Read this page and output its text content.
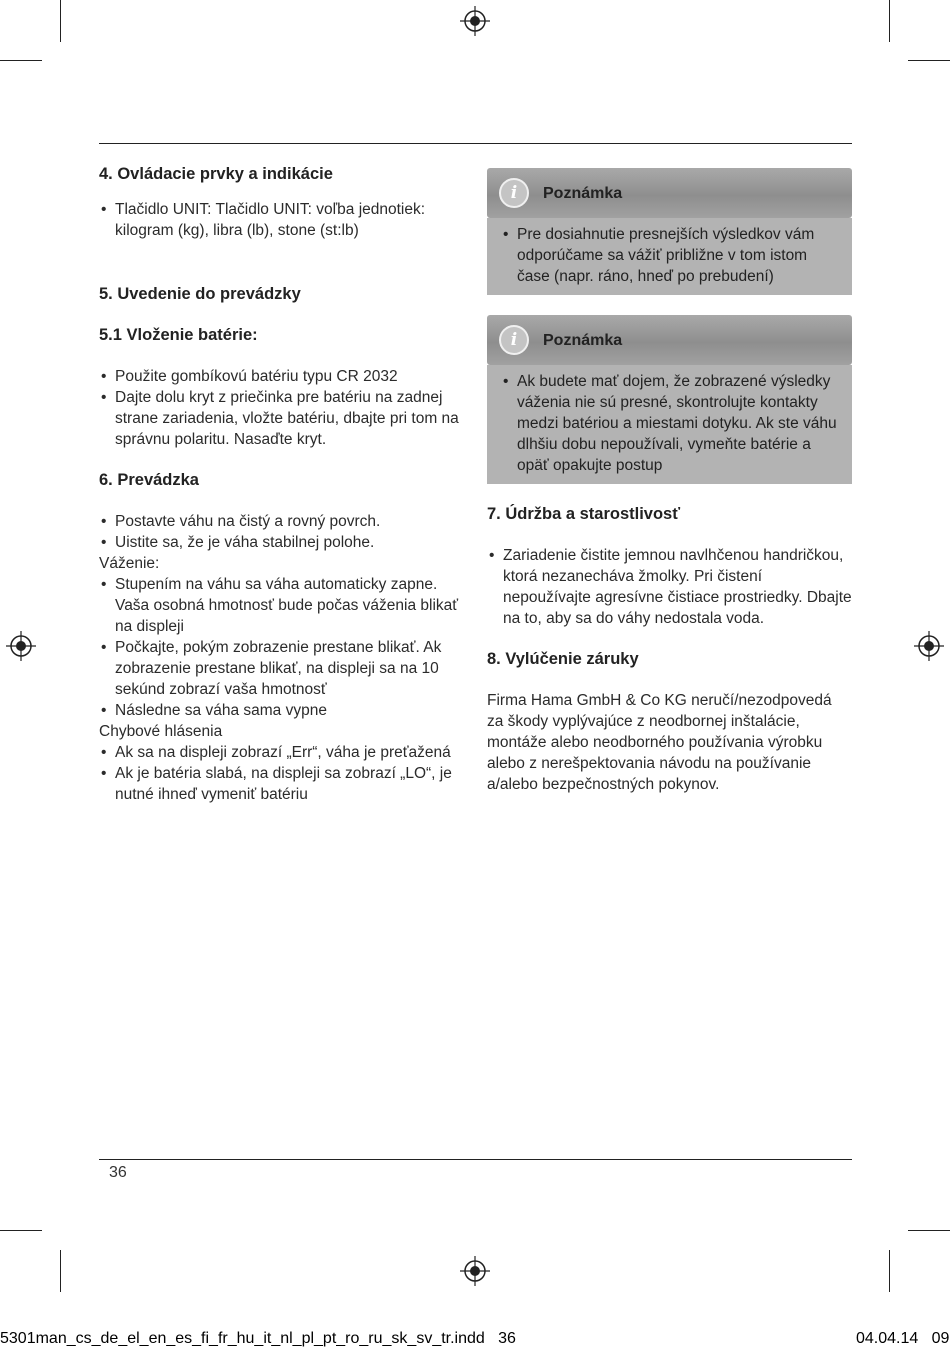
4. Ovládacie prvky a indikácie
• Tlačidlo UNIT: Tlačidlo UNIT: voľba jednotiek: kilogram (kg), libra (lb), stone (st:lb)
5. Uvedenie do prevádzky
5.1 Vloženie batérie:
• Použite gombíkovú batériu typu CR 2032
• Dajte dolu kryt z priečinka pre batériu na zadnej strane zariadenia, vložte batériu, dbajte pri tom na správnu polaritu. Nasaďte kryt.
6. Prevádzka
• Postavte váhu na čistý a rovný povrch.
• Uistite sa, že je váha stabilnej polohe.

Váženie:

• Stupením na váhu sa váha automaticky zapne. Vaša osobná hmotnosť bude počas váženia blikať na displeji
• Počkajte, pokým zobrazenie prestane blikať. Ak zobrazenie prestane blikať, na displeji sa na 10 sekúnd zobrazí vaša hmotnosť
• Následne sa váha sama vypne

Chybové hlásenia

• Ak sa na displeji zobrazí „Err“, váha je preťažená
• Ak je batéria slabá, na displeji sa zobrazí „LO“, je nutné ihneď vymeniť batériu
i	Poznámka
• Pre dosiahnutie presnejších výsledkov vám odporúčame sa vážiť približne v tom istom čase (napr. ráno, hneď po prebudení)
i	Poznámka
• Ak budete mať dojem, že zobrazené výsledky váženia nie sú presné, skontrolujte kontakty medzi batériou a miestami dotyku. Ak ste váhu dlhšiu dobu nepoužívali, vymeňte batérie a opäť opakujte postup
7. Údržba a starostlivosť
• Zariadenie čistite jemnou navlhčenou handričkou, ktorá nezanecháva žmolky. Pri čistení nepoužívajte agresívne čistiace prostriedky. Dbajte na to, aby sa do váhy nedostala voda.
8. Vylúčenie záruky

Firma Hama GmbH & Co KG neručí/nezodpovedá za škody vyplývajúce z neodbornej inštalácie, montáže alebo neodborného používania výrobku alebo z nerešpektovania návodu na používanie a/alebo bezpečnostných pokynov.

36
5301man_cs_de_el_en_es_fi_fr_hu_it_nl_pl_pt_ro_ru_sk_sv_tr.indd   36	04.04.14   09
